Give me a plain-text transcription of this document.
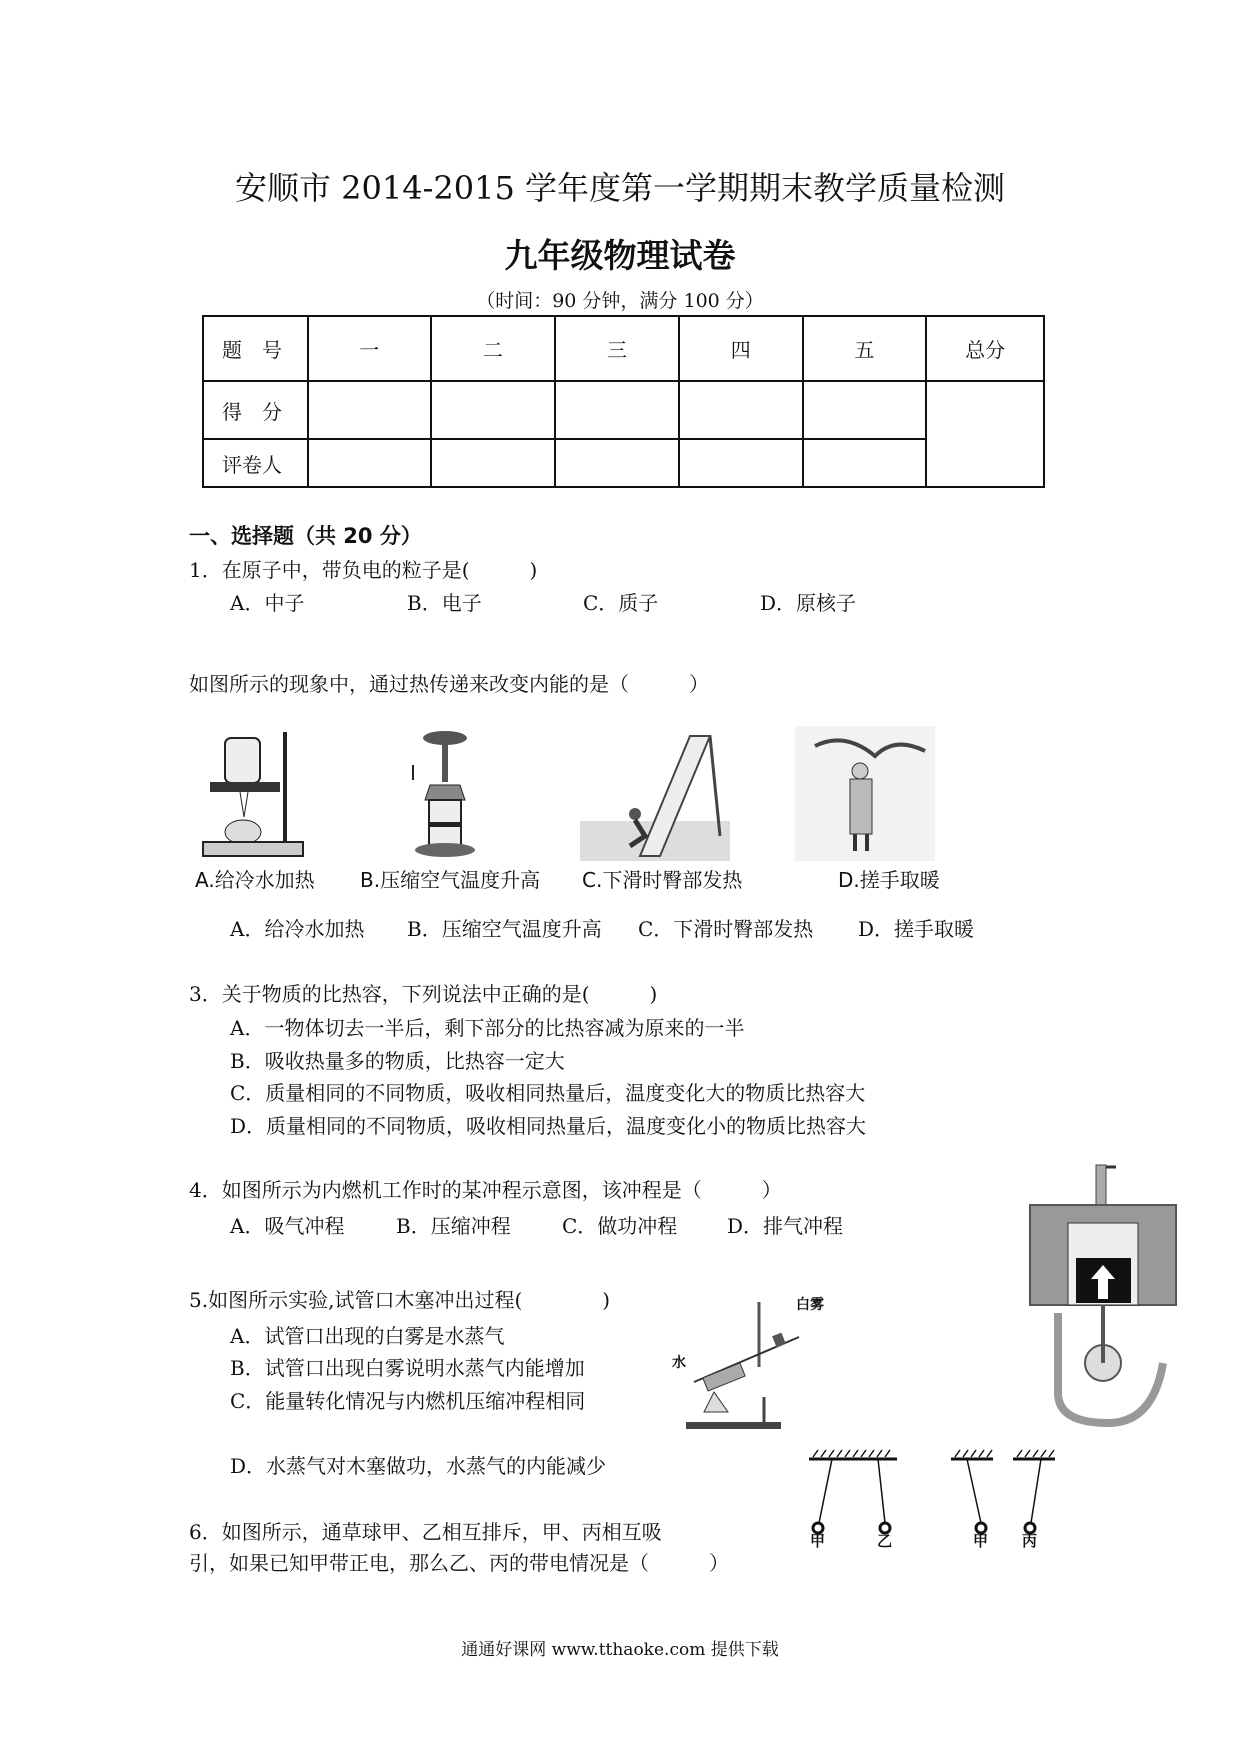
安顺市 2014-2015 学年度第一学期期末教学质量检测
九年级物理试卷
（时间：90 分钟，满分 100 分）
题　号	一	二	三	四	五	总分
得　分						
评卷人						
一、选择题（共 20 分）
1．在原子中，带负电的粒子是(　　　)
A．中子	B．电子	C．质子	D．原核子
如图所示的现象中，通过热传递来改变内能的是（　　　）
A.给冷水加热 B.压缩空气温度升高 C.下滑时臀部发热	D.搓手取暖
A．给冷水加热 B．压缩空气温度升高 C．下滑时臀部发热 D．搓手取暖
3．关于物质的比热容，下列说法中正确的是(　　　)
A．一物体切去一半后，剩下部分的比热容减为原来的一半
B．吸收热量多的物质，比热容一定大
C．质量相同的不同物质，吸收相同热量后，温度变化大的物质比热容大
D．质量相同的不同物质，吸收相同热量后，温度变化小的物质比热容大
4．如图所示为内燃机工作时的某冲程示意图，该冲程是（　　　）
A．吸气冲程	B．压缩冲程	C．做功冲程 D．排气冲程
5.如图所示实验,试管口木塞冲出过程(　　　　)
A．试管口出现的白雾是水蒸气
B．试管口出现白雾说明水蒸气内能增加
C．能量转化情况与内燃机压缩冲程相同
D．水蒸气对木塞做功，水蒸气的内能减少
白雾
水
甲	乙	甲 丙
6．如图所示，通草球甲、乙相互排斥，甲、丙相互吸
引，如果已知甲带正电，那么乙、丙的带电情况是（　　　）
通通好课网 www.tthaoke.com 提供下载
